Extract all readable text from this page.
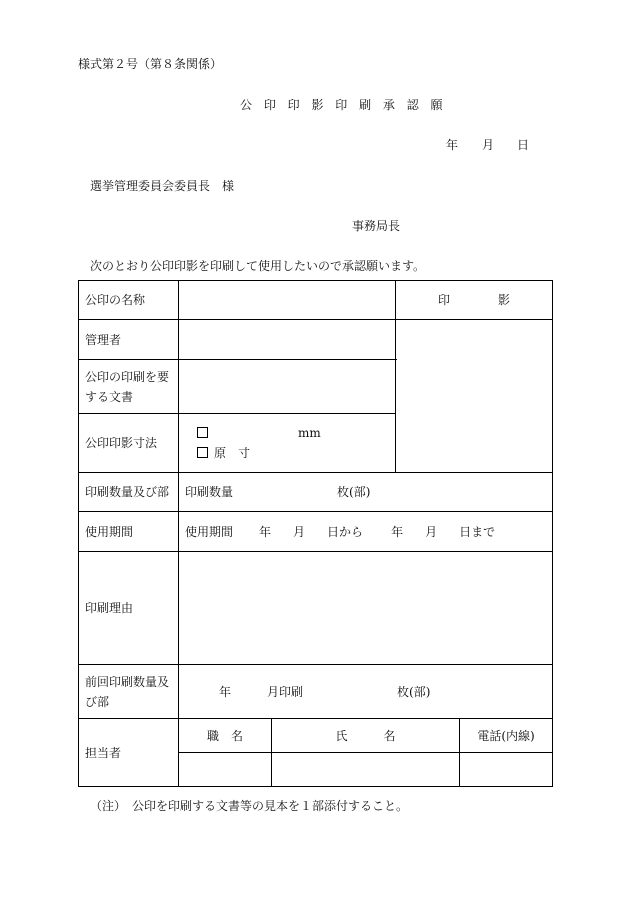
様式第２号（第８条関係）
公 印 印 影 印 刷 承 認 願
年 月 日
選挙管理委員会委員長　様
事務局長
次のとおり公印印影を印刷して使用したいので承認願います。
公印の名称			印　　　　影	
管理者				
公印の印刷を要する文書				
公印印影寸法	mm
原　寸			

印刷数量及び部	印刷数量 枚(部)			
使用期間	使用期間 年 月 日から 年 月 日まで			
印刷理由				
前回印刷数量及び部	年 月印刷 枚(部)			
担当者	職　名	氏　　　名		電話(内線)

（注）　公印を印刷する文書等の見本を１部添付すること。
